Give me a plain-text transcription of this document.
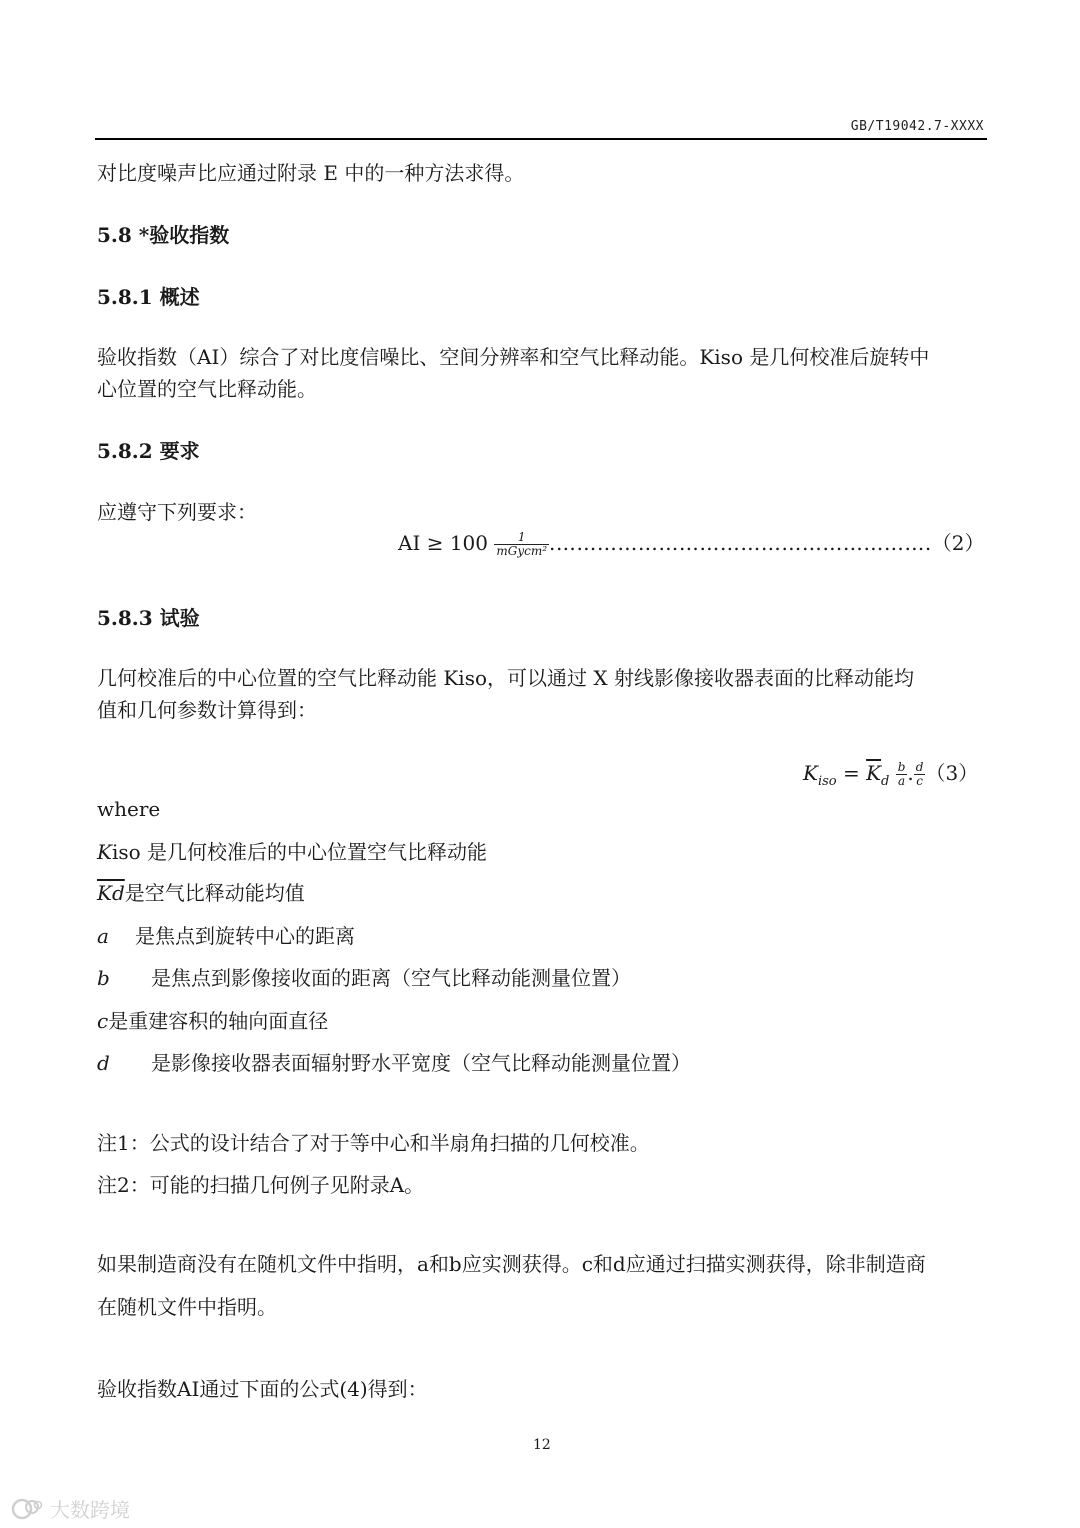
GB/T19042.7-XXXX
对比度噪声比应通过附录 E 中的一种方法求得。
5.8 *验收指数
5.8.1 概述
验收指数（AI）综合了对比度信噪比、空间分辨率和空气比释动能。Kiso 是几何校准后旋转中
心位置的空气比释动能。
5.8.2 要求
应遵守下列要求：
AI ≥ $100 \frac{1}{\text{mGycm²}}$ .……………………………………………….（2）
5.8.3 试验
几何校准后的中心位置的空气比释动能 Kiso，可以通过 X 射线影像接收器表面的比释动能均
值和几何参数计算得到：
$K_{iso} = \overline{K}_d \frac{b}{a}$ . $\frac{d}{c} (3)$
where
Kiso 是几何校准后的中心位置空气比释动能
$\overline{Kd}$是空气比释动能均值
a 是焦点到旋转中心的距离
b 是焦点到影像接收面的距离（空气比释动能测量位置）
c是重建容积的轴向面直径
d 是影像接收器表面辐射野水平宽度（空气比释动能测量位置）
注1：公式的设计结合了对于等中心和半扇角扫描的几何校准。
注2：可能的扫描几何例子见附录A。
如果制造商没有在随机文件中指明，a和b应实测获得。c和d应通过扫描实测获得，除非制造商
在随机文件中指明。
验收指数AI通过下面的公式(4)得到：
12
大数跨境
